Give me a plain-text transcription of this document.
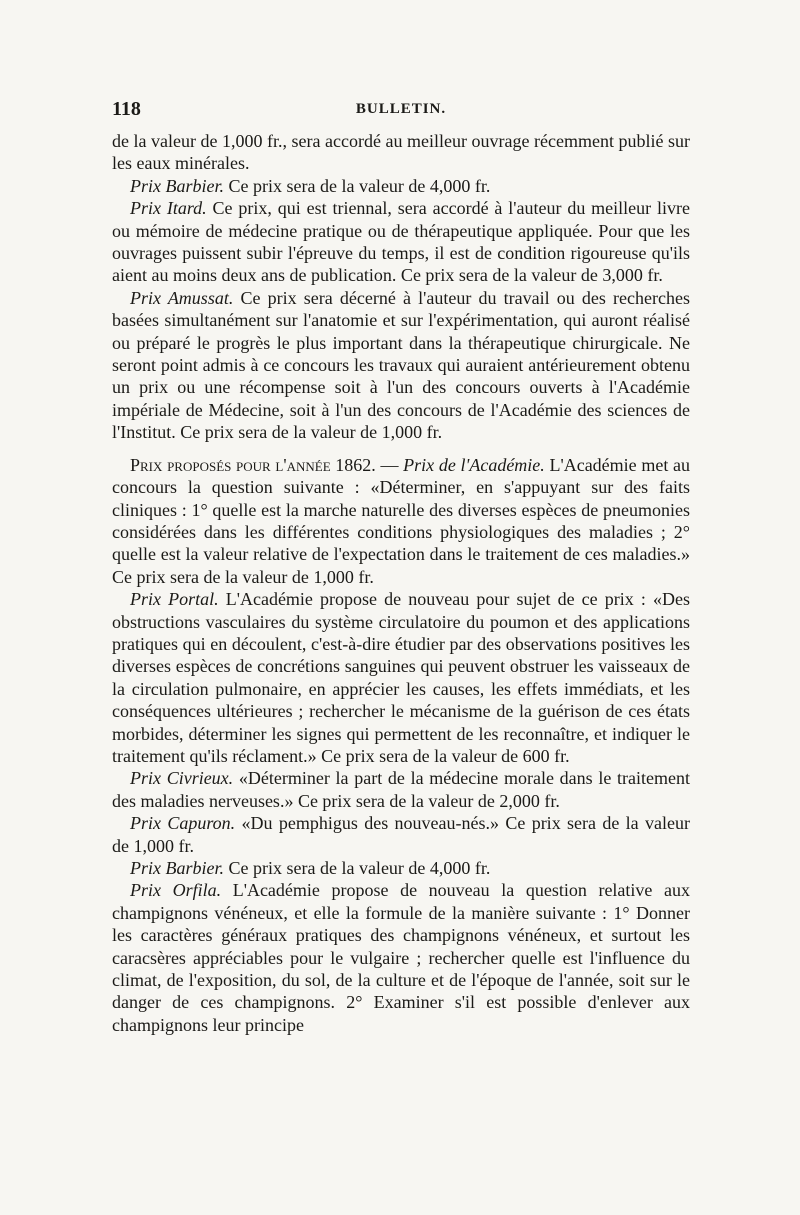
118	BULLETIN.

de la valeur de 1,000 fr., sera accordé au meilleur ouvrage récemment publié sur les eaux minérales.

Prix Barbier. Ce prix sera de la valeur de 4,000 fr.

Prix Itard. Ce prix, qui est triennal, sera accordé à l'auteur du meilleur livre ou mémoire de médecine pratique ou de thérapeutique appliquée. Pour que les ouvrages puissent subir l'épreuve du temps, il est de condition rigoureuse qu'ils aient au moins deux ans de publication. Ce prix sera de la valeur de 3,000 fr.

Prix Amussat. Ce prix sera décerné à l'auteur du travail ou des recherches basées simultanément sur l'anatomie et sur l'expérimentation, qui auront réalisé ou préparé le progrès le plus important dans la thérapeutique chirurgicale. Ne seront point admis à ce concours les travaux qui auraient antérieurement obtenu un prix ou une récompense soit à l'un des concours ouverts à l'Académie impériale de Médecine, soit à l'un des concours de l'Académie des sciences de l'Institut. Ce prix sera de la valeur de 1,000 fr.

Prix proposés pour l'année 1862. — Prix de l'Académie. L'Académie met au concours la question suivante : «Déterminer, en s'appuyant sur des faits cliniques : 1° quelle est la marche naturelle des diverses espèces de pneumonies considérées dans les différentes conditions physiologiques des maladies ; 2° quelle est la valeur relative de l'expectation dans le traitement de ces maladies.» Ce prix sera de la valeur de 1,000 fr.

Prix Portal. L'Académie propose de nouveau pour sujet de ce prix : «Des obstructions vasculaires du système circulatoire du poumon et des applications pratiques qui en découlent, c'est-à-dire étudier par des observations positives les diverses espèces de concrétions sanguines qui peuvent obstruer les vaisseaux de la circulation pulmonaire, en apprécier les causes, les effets immédiats, et les conséquences ultérieures ; rechercher le mécanisme de la guérison de ces états morbides, déterminer les signes qui permettent de les reconnaître, et indiquer le traitement qu'ils réclament.» Ce prix sera de la valeur de 600 fr.

Prix Civrieux. «Déterminer la part de la médecine morale dans le traitement des maladies nerveuses.» Ce prix sera de la valeur de 2,000 fr.

Prix Capuron. «Du pemphigus des nouveau-nés.» Ce prix sera de la valeur de 1,000 fr.

Prix Barbier. Ce prix sera de la valeur de 4,000 fr.

Prix Orfila. L'Académie propose de nouveau la question relative aux champignons vénéneux, et elle la formule de la manière suivante : 1° Donner les caractères généraux pratiques des champignons vénéneux, et surtout les caracsères appréciables pour le vulgaire ; rechercher quelle est l'influence du climat, de l'exposition, du sol, de la culture et de l'époque de l'année, soit sur le danger de ces champignons. 2° Examiner s'il est possible d'enlever aux champignons leur principe
